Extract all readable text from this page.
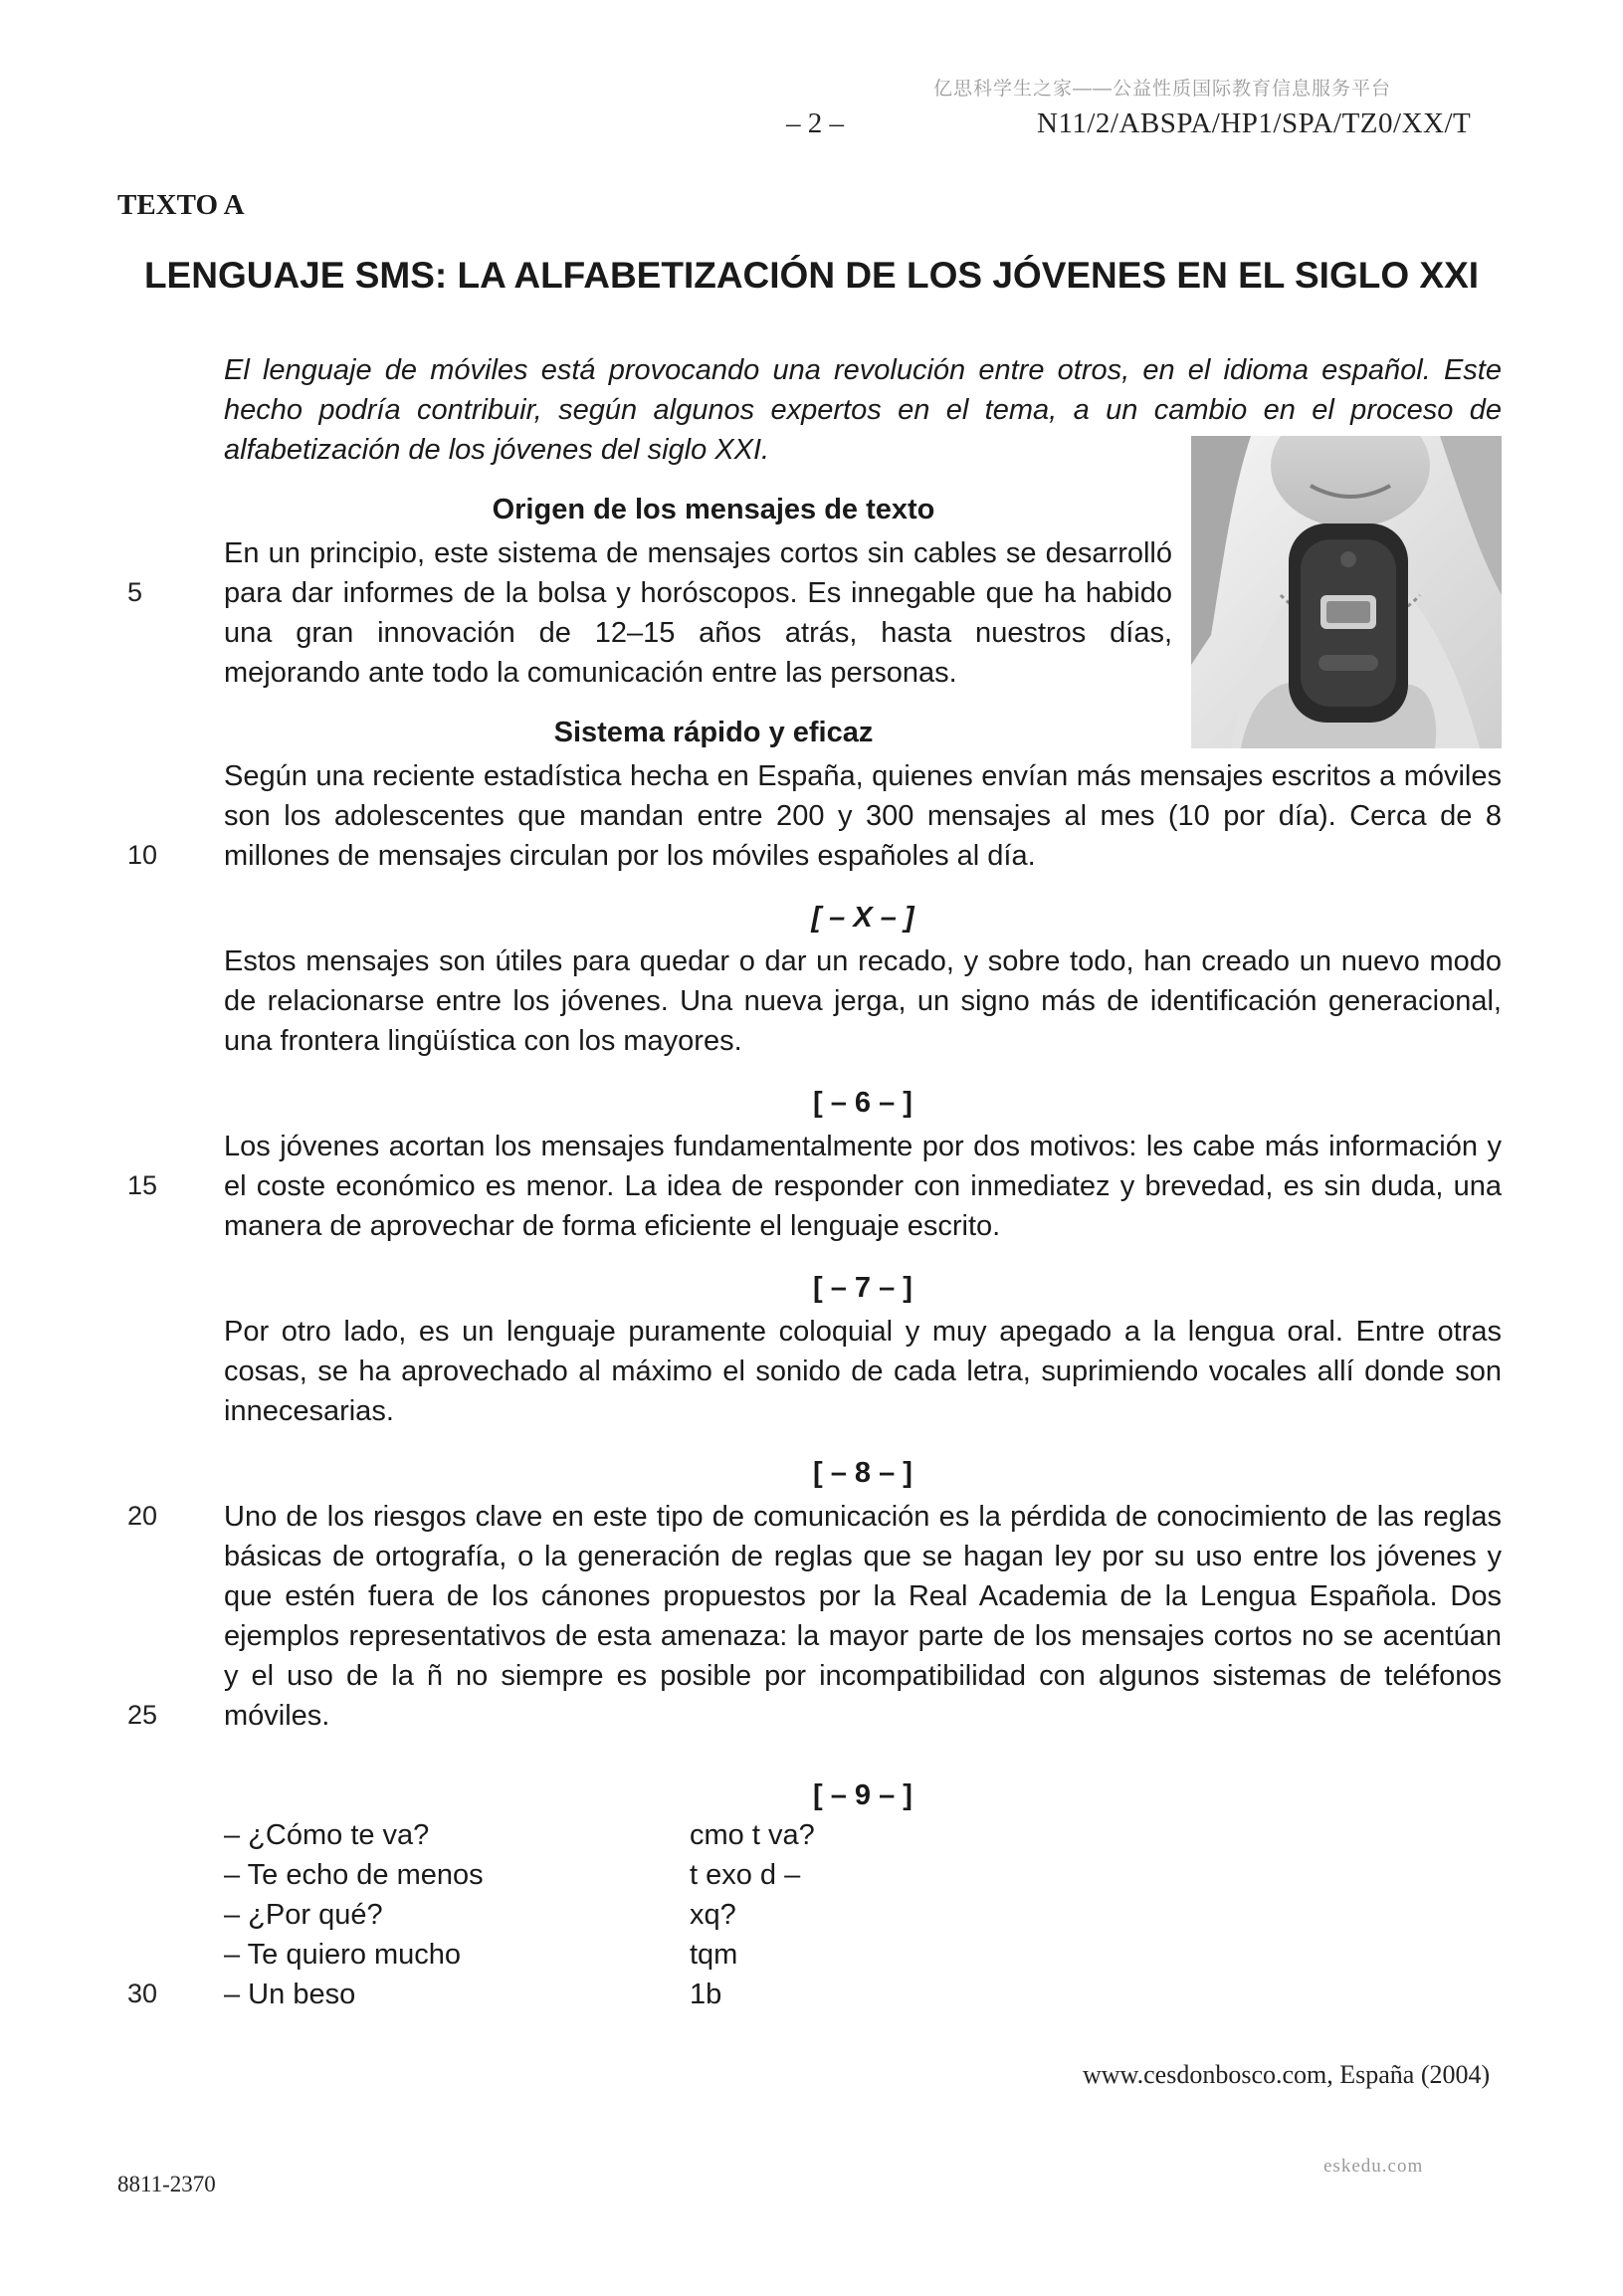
亿思科学生之家——公益性质国际教育信息服务平台
– 2 –	N11/2/ABSPA/HP1/SPA/TZ0/XX/T
TEXTO A
LENGUAJE SMS: LA ALFABETIZACIÓN DE LOS JÓVENES EN EL SIGLO XXI
El lenguaje de móviles está provocando una revolución entre otros, en el idioma español. Este hecho podría contribuir, según algunos expertos en el tema, a un cambio en el proceso de alfabetización de los jóvenes del siglo XXI.
Origen de los mensajes de texto
En un principio, este sistema de mensajes cortos sin cables se desarrolló para dar informes de la bolsa y horóscopos. Es innegable que ha habido una gran innovación de 12–15 años atrás, hasta nuestros días, mejorando ante todo la comunicación entre las personas.
Sistema rápido y eficaz
Según una reciente estadística hecha en España, quienes envían más mensajes escritos a móviles son los adolescentes que mandan entre 200 y 300 mensajes al mes (10 por día). Cerca de 8 millones de mensajes circulan por los móviles españoles al día.
[ – X – ]
Estos mensajes son útiles para quedar o dar un recado, y sobre todo, han creado un nuevo modo de relacionarse entre los jóvenes. Una nueva jerga, un signo más de identificación generacional, una frontera lingüística con los mayores.
[ – 6 – ]
Los jóvenes acortan los mensajes fundamentalmente por dos motivos: les cabe más información y el coste económico es menor. La idea de responder con inmediatez y brevedad, es sin duda, una manera de aprovechar de forma eficiente el lenguaje escrito.
[ – 7 – ]
Por otro lado, es un lenguaje puramente coloquial y muy apegado a la lengua oral. Entre otras cosas, se ha aprovechado al máximo el sonido de cada letra, suprimiendo vocales allí donde son innecesarias.
[ – 8 – ]
Uno de los riesgos clave en este tipo de comunicación es la pérdida de conocimiento de las reglas básicas de ortografía, o la generación de reglas que se hagan ley por su uso entre los jóvenes y que estén fuera de los cánones propuestos por la Real Academia de la Lengua Española. Dos ejemplos representativos de esta amenaza: la mayor parte de los mensajes cortos no se acentúan y el uso de la ñ no siempre es posible por incompatibilidad con algunos sistemas de teléfonos móviles.
[ – 9 – ]
– ¿Cómo te va?	cmo t va?
– Te echo de menos	t exo d –
– ¿Por qué?	xq?
– Te quiero mucho	tqm
– Un beso	1b
5
10
15
20
25
30
www.cesdonbosco.com, España (2004)
eskedu.com
8811-2370
